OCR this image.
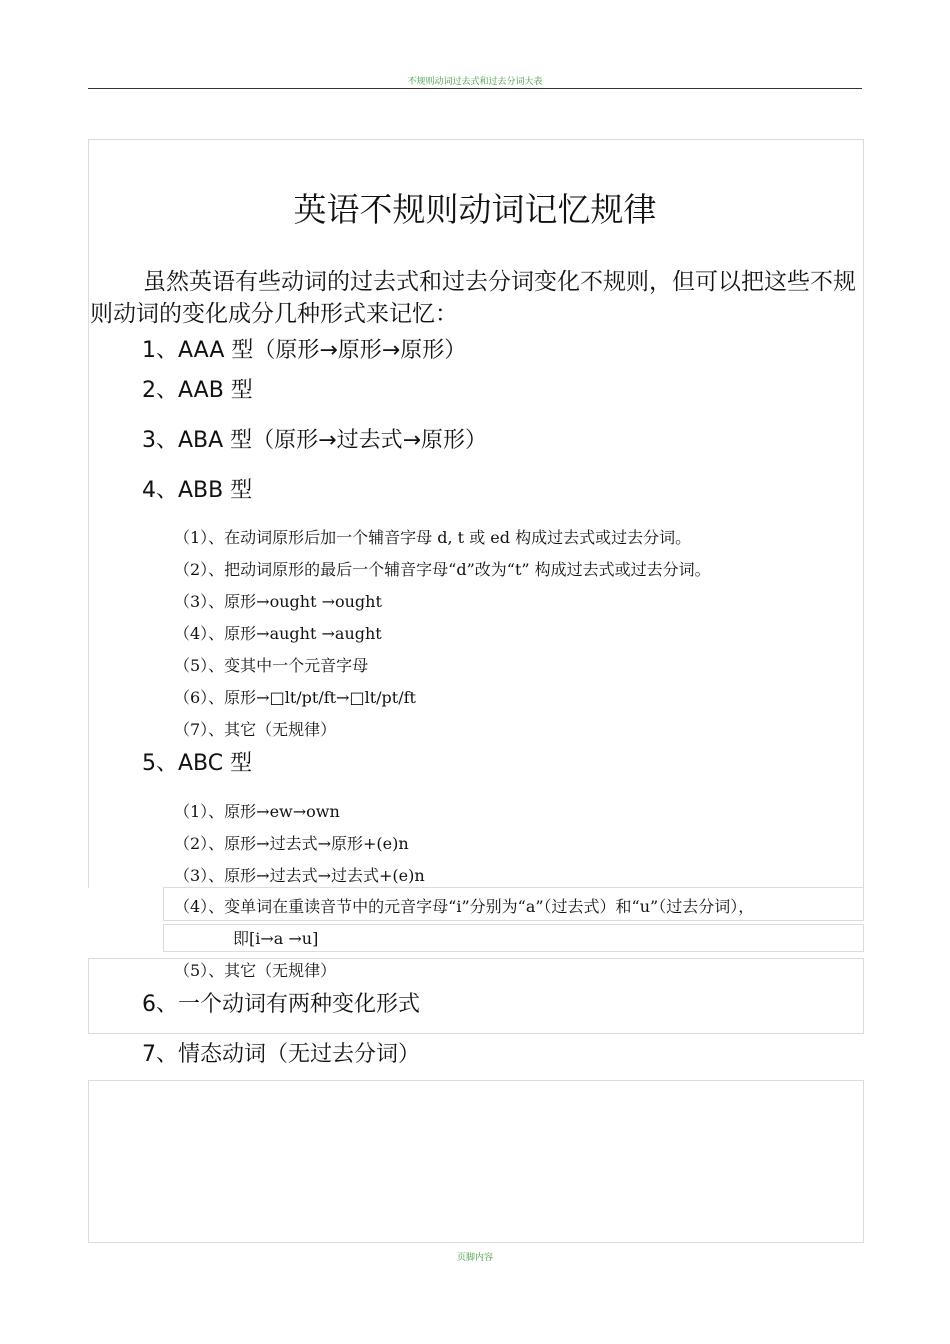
不规则动词过去式和过去分词大表
英语不规则动词记忆规律
虽然英语有些动词的过去式和过去分词变化不规则，但可以把这些不规则动词的变化成分几种形式来记忆：
1、AAA 型（原形→原形→原形）
2、AAB 型
3、ABA 型（原形→过去式→原形）
4、ABB 型
（1）、在动词原形后加一个辅音字母 d, t 或 ed 构成过去式或过去分词。
（2）、把动词原形的最后一个辅音字母“d”改为“t” 构成过去式或过去分词。
（3）、原形→ought →ought
（4）、原形→aught →aught
（5）、变其中一个元音字母
（6）、原形→□lt/pt/ft→□lt/pt/ft
（7）、其它（无规律）
5、ABC 型
（1）、原形→ew→own
（2）、原形→过去式→原形+(e)n
（3）、原形→过去式→过去式+(e)n
（4）、变单词在重读音节中的元音字母“i”分别为“a”（过去式）和“u”（过去分词），
即[i→a →u]
（5）、其它（无规律）
6、一个动词有两种变化形式
7、情态动词（无过去分词）
页脚内容
